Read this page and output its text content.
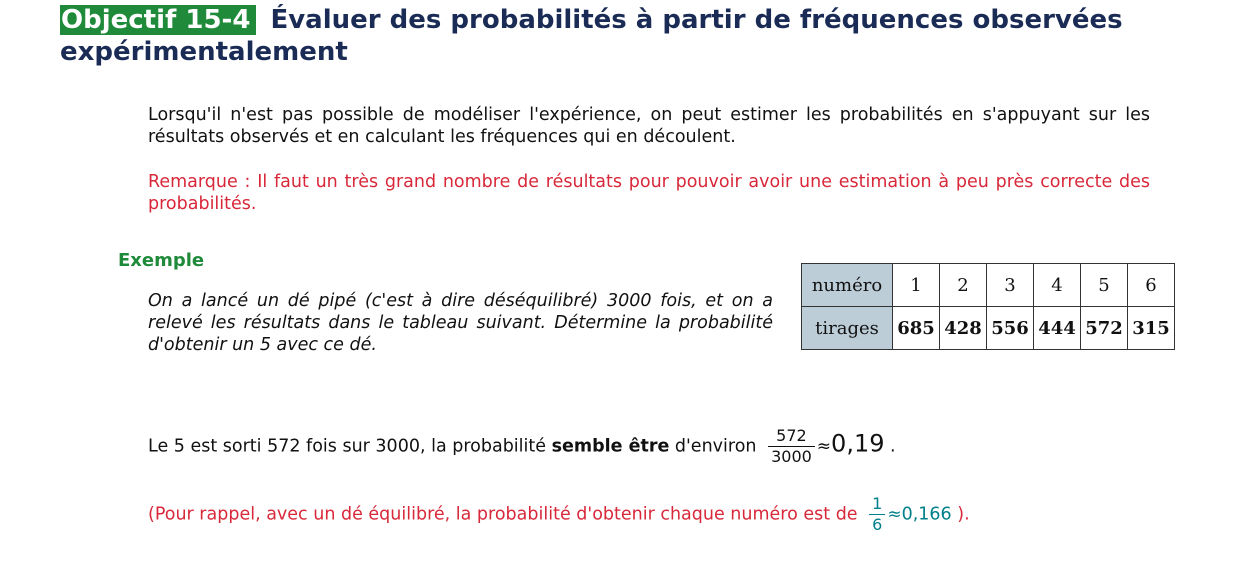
Objectif 15-4 Évaluer des probabilités à partir de fréquences observées expérimentalement
Lorsqu'il n'est pas possible de modéliser l'expérience, on peut estimer les probabilités en s'appuyant sur les résultats observés et en calculant les fréquences qui en découlent.
Remarque : Il faut un très grand nombre de résultats pour pouvoir avoir une estimation à peu près correcte des probabilités.
Exemple
On a lancé un dé pipé (c'est à dire déséquilibré) 3000 fois, et on a relevé les résultats dans le tableau suivant. Détermine la probabilité d'obtenir un 5 avec ce dé.
numéro	1	2	3	4	5	6
tirages	685	428	556	444	572	315
Le 5 est sorti 572 fois sur 3000, la probabilité semble être d'environ $\frac{572}{3000} \approx 0,19$ .
(Pour rappel, avec un dé équilibré, la probabilité d'obtenir chaque numéro est de $\frac{1}{6} \approx 0,166$ ).
